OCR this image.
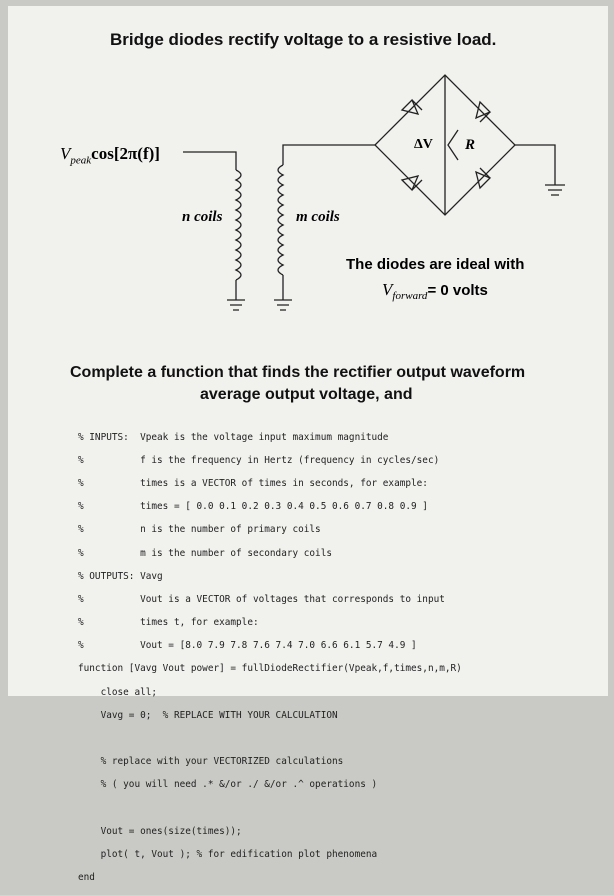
Bridge diodes rectify voltage to a resistive load.
$V_{peak}\cos[2\pi(f)]$
n coils	m coils
ΔV R
The diodes are ideal with
$V_{forward}= 0$ volts
Complete a function that finds the rectifier output waveform
average output voltage, and

% INPUTS:  Vpeak is the voltage input maximum magnitude

%          f is the frequency in Hertz (frequency in cycles/sec)

%          times is a VECTOR of times in seconds, for example:

%          times = [ 0.0 0.1 0.2 0.3 0.4 0.5 0.6 0.7 0.8 0.9 ]

%          n is the number of primary coils

%          m is the number of secondary coils

% OUTPUTS: Vavg

%          Vout is a VECTOR of voltages that corresponds to input

%          times t, for example:

%          Vout = [8.0 7.9 7.8 7.6 7.4 7.0 6.6 6.1 5.7 4.9 ]

function [Vavg Vout power] = fullDiodeRectifier(Vpeak,f,times,n,m,R)

close all;

Vavg = 0;  % REPLACE WITH YOUR CALCULATION

% replace with your VECTORIZED calculations

% ( you will need .* &/or ./ &/or .^ operations )

Vout = ones(size(times));

plot( t, Vout ); % for edification plot phenomena

end
